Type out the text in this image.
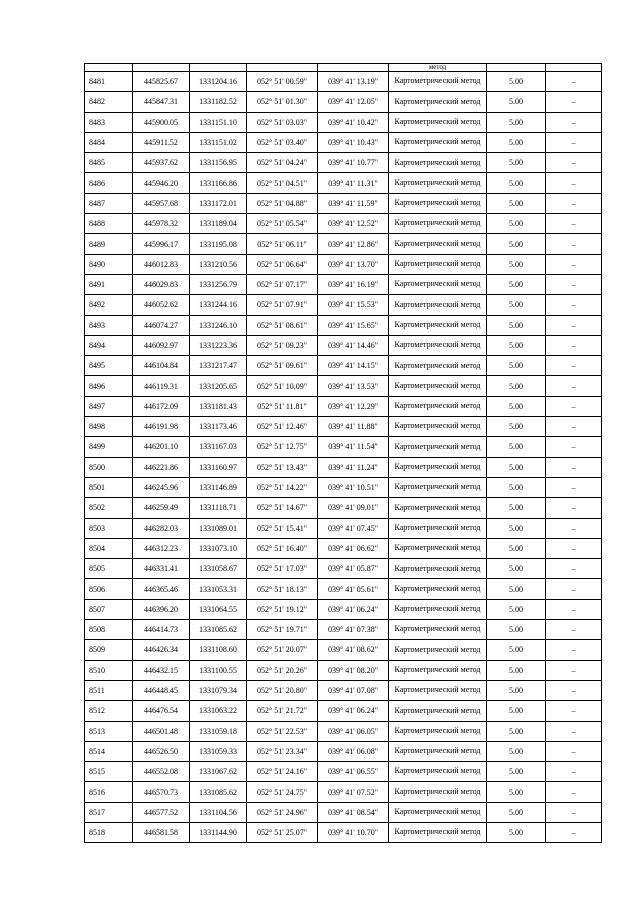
					метод		
8481	445825.67	1331204.16	052° 51' 00.59"	039° 41' 13.19"	Картометрический метод	5.00	–
8482	445847.31	1331182.52	052° 51' 01.30"	039° 41' 12.05"	Картометрический метод	5.00	–
8483	445900.05	1331151.10	052° 51' 03.03"	039° 41' 10.42"	Картометрический метод	5.00	–
8484	445911.52	1331151.02	052° 51' 03.40"	039° 41' 10.43"	Картометрический метод	5.00	–
8485	445937.62	1331156.95	052° 51' 04.24"	039° 41' 10.77"	Картометрический метод	5.00	–
8486	445946.20	1331166.86	052° 51' 04.51"	039° 41' 11.31"	Картометрический метод	5.00	–
8487	445957.68	1331172.01	052° 51' 04.88"	039° 41' 11.59"	Картометрический метод	5.00	–
8488	445978.32	1331189.04	052° 51' 05.54"	039° 41' 12.52"	Картометрический метод	5.00	–
8489	445996.17	1331195.08	052° 51' 06.11"	039° 41' 12.86"	Картометрический метод	5.00	–
8490	446012.83	1331210.56	052° 51' 06.64"	039° 41' 13.70"	Картометрический метод	5.00	–
8491	446029.83	1331256.79	052° 51' 07.17"	039° 41' 16.19"	Картометрический метод	5.00	–
8492	446052.62	1331244.16	052° 51' 07.91"	039° 41' 15.53"	Картометрический метод	5.00	–
8493	446074.27	1331246.10	052° 51' 08.61"	039° 41' 15.65"	Картометрический метод	5.00	–
8494	446092.97	1331223.36	052° 51' 09.23"	039° 41' 14.46"	Картометрический метод	5.00	–
8495	446104.84	1331217.47	052° 51' 09.61"	039° 41' 14.15"	Картометрический метод	5.00	–
8496	446119.31	1331205.65	052° 51' 10.09"	039° 41' 13.53"	Картометрический метод	5.00	–
8497	446172.09	1331181.43	052° 51' 11.81"	039° 41' 12.29"	Картометрический метод	5.00	–
8498	446191.98	1331173.46	052° 51' 12.46"	039° 41' 11.88"	Картометрический метод	5.00	–
8499	446201.10	1331167.03	052° 51' 12.75"	039° 41' 11.54"	Картометрический метод	5.00	–
8500	446221.86	1331160.97	052° 51' 13.43"	039° 41' 11.24"	Картометрический метод	5.00	–
8501	446245.96	1331146.89	052° 51' 14.22"	039° 41' 10.51"	Картометрический метод	5.00	–
8502	446259.49	1331118.71	052° 51' 14.67"	039° 41' 09.01"	Картометрический метод	5.00	–
8503	446282.03	1331089.01	052° 51' 15.41"	039° 41' 07.45"	Картометрический метод	5.00	–
8504	446312.23	1331073.10	052° 51' 16.40"	039° 41' 06.62"	Картометрический метод	5.00	–
8505	446331.41	1331058.67	052° 51' 17.03"	039° 41' 05.87"	Картометрический метод	5.00	–
8506	446365.46	1331053.31	052° 51' 18.13"	039° 41' 05.61"	Картометрический метод	5.00	–
8507	446396.20	1331064.55	052° 51' 19.12"	039° 41' 06.24"	Картометрический метод	5.00	–
8508	446414.73	1331085.62	052° 51' 19.71"	039° 41' 07.38"	Картометрический метод	5.00	–
8509	446426.34	1331108.60	052° 51' 20.07"	039° 41' 08.62"	Картометрический метод	5.00	–
8510	446432.15	1331100.55	052° 51' 20.26"	039° 41' 08.20"	Картометрический метод	5.00	–
8511	446448.45	1331079.34	052° 51' 20.80"	039° 41' 07.08"	Картометрический метод	5.00	–
8512	446476.54	1331063.22	052° 51' 21.72"	039° 41' 06.24"	Картометрический метод	5.00	–
8513	446501.48	1331059.18	052° 51' 22.53"	039° 41' 06.05"	Картометрический метод	5.00	–
8514	446526.50	1331059.33	052° 51' 23.34"	039° 41' 06.08"	Картометрический метод	5.00	–
8515	446552.08	1331067.62	052° 51' 24.16"	039° 41' 06.55"	Картометрический метод	5.00	–
8516	446570.73	1331085.62	052° 51' 24.75"	039° 41' 07.52"	Картометрический метод	5.00	–
8517	446577.52	1331104.56	052° 51' 24.96"	039° 41' 08.54"	Картометрический метод	5.00	–
8518	446581.58	1331144.90	052° 51' 25.07"	039° 41' 10.70"	Картометрический метод	5.00	–
